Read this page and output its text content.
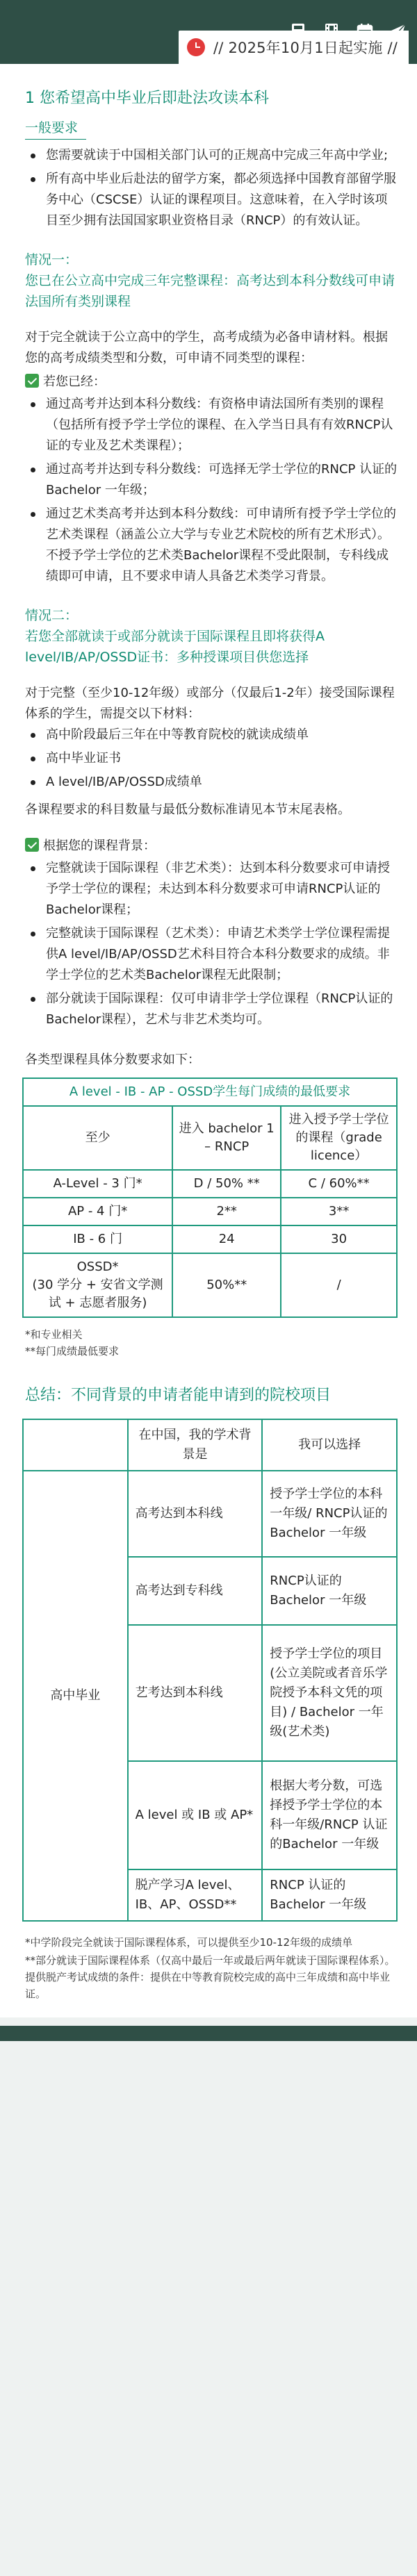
// 2025年10月1日起实施 //
1 您希望高中毕业后即赴法攻读本科
一般要求
您需要就读于中国相关部门认可的正规高中完成三年高中学业;
所有高中毕业后赴法的留学方案，都必须选择中国教育部留学服务中心（CSCSE）认证的课程项目。这意味着，在入学时该项目至少拥有法国国家职业资格目录（RNCP）的有效认证。
情况一：
您已在公立高中完成三年完整课程：高考达到本科分数线可申请法国所有类别课程
对于完全就读于公立高中的学生，高考成绩为必备申请材料。根据您的高考成绩类型和分数，可申请不同类型的课程：
若您已经：
通过高考并达到本科分数线：有资格申请法国所有类别的课程（包括所有授予学士学位的课程、在入学当日具有有效RNCP认证的专业及艺术类课程）；
通过高考并达到专科分数线：可选择无学士学位的RNCP 认证的Bachelor 一年级；
通过艺术类高考并达到本科分数线：可申请所有授予学士学位的艺术类课程（涵盖公立大学与专业艺术院校的所有艺术形式）。不授予学士学位的艺术类Bachelor课程不受此限制，专科线成绩即可申请，且不要求申请人具备艺术类学习背景。
情况二：
若您全部就读于或部分就读于国际课程且即将获得A level/IB/AP/OSSD证书：多种授课项目供您选择
对于完整（至少10-12年级）或部分（仅最后1-2年）接受国际课程体系的学生，需提交以下材料：
高中阶段最后三年在中等教育院校的就读成绩单
高中毕业证书
A level/IB/AP/OSSD成绩单
各课程要求的科目数量与最低分数标准请见本节末尾表格。
根据您的课程背景：
完整就读于国际课程（非艺术类）：达到本科分数要求可申请授予学士学位的课程；未达到本科分数要求可申请RNCP认证的Bachelor课程；
完整就读于国际课程（艺术类）：申请艺术类学士学位课程需提供A level/IB/AP/OSSD艺术科目符合本科分数要求的成绩。非学士学位的艺术类Bachelor课程无此限制；
部分就读于国际课程：仅可申请非学士学位课程（RNCP认证的Bachelor课程），艺术与非艺术类均可。
各类型课程具体分数要求如下：
A level - IB - AP - OSSD学生每门成绩的最低要求		
至少	进入 bachelor 1 – RNCP	进入授予学士学位的课程（grade licence）
A-Level - 3 门*	D / 50% **	C / 60%**
AP - 4 门*	2**	3**
IB - 6 门	24	30
OSSD*
(30 学分 + 安省文学测试 + 志愿者服务)	50%**	/
*和专业相关
**每门成绩最低要求
总结：不同背景的申请者能申请到的院校项目
	在中国，我的学术背景是	我可以选择
高中毕业	高考达到本科线	授予学士学位的本科一年级/ RNCP认证的Bachelor 一年级
	高考达到专科线	RNCP认证的Bachelor 一年级
	艺考达到本科线	授予学士学位的项目 (公立美院或者音乐学院授予本科文凭的项目) / Bachelor 一年级(艺术类)
	A level 或 IB 或 AP*	根据大考分数，可选择授予学士学位的本科一年级/RNCP 认证的Bachelor 一年级
	脱产学习A level、IB、AP、OSSD**	RNCP 认证的Bachelor 一年级
*中学阶段完全就读于国际课程体系，可以提供至少10-12年级的成绩单
**部分就读于国际课程体系（仅高中最后一年或最后两年就读于国际课程体系）。提供脱产考试成绩的条件：提供在中等教育院校完成的高中三年成绩和高中毕业证。
